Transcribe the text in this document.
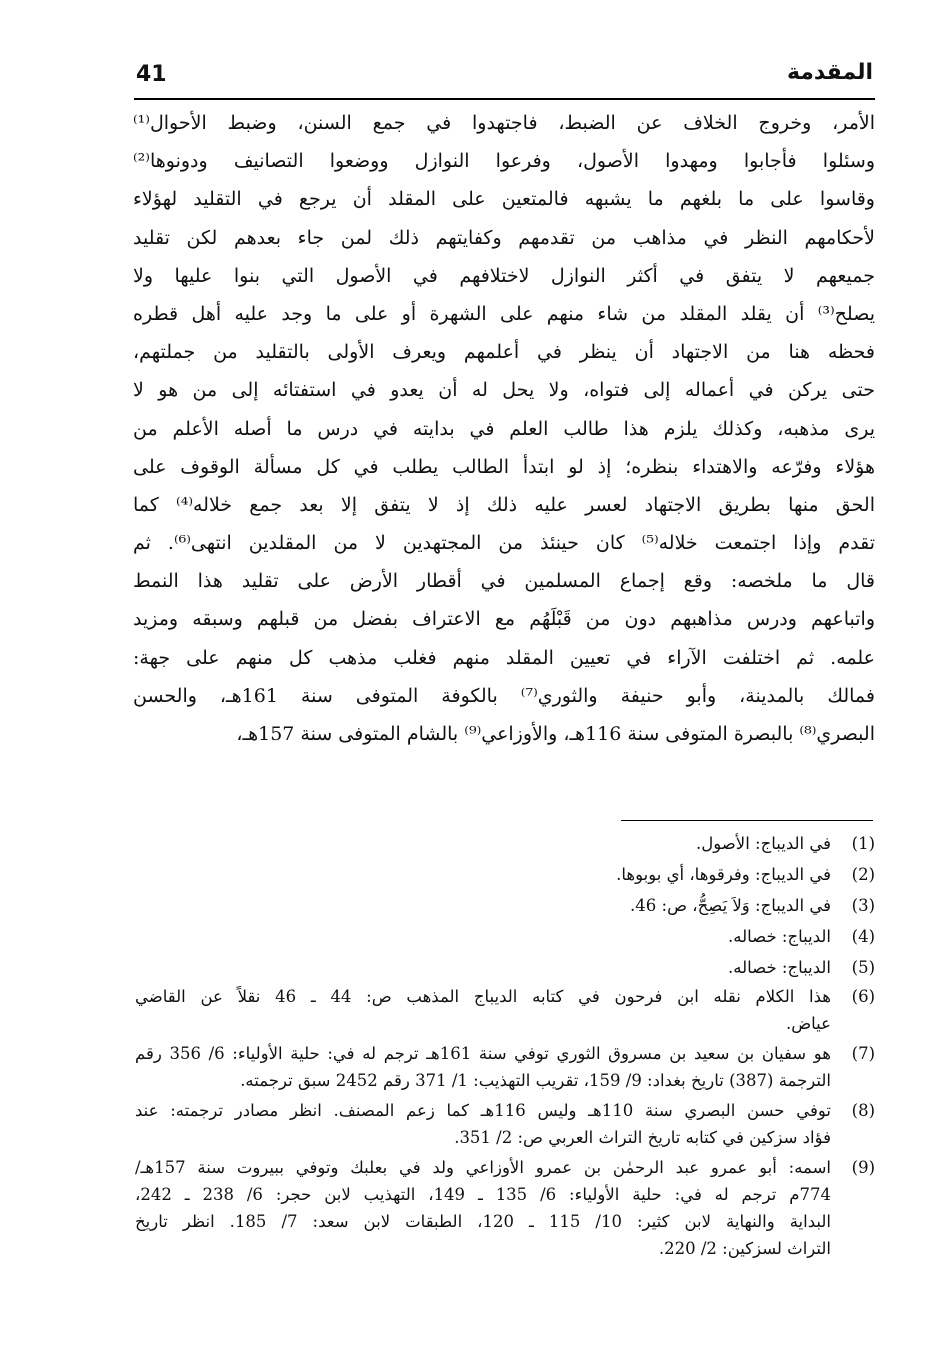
41	المقدمة
الأمر، وخروج الخلاف عن الضبط، فاجتهدوا في جمع السنن، وضبط الأحوال⁽¹⁾
وسئلوا فأجابوا ومهدوا الأصول، وفرعوا النوازل ووضعوا التصانيف ودونوها⁽²⁾
وقاسوا على ما بلغهم ما يشبهه فالمتعين على المقلد أن يرجع في التقليد لهؤلاء
لأحكامهم النظر في مذاهب من تقدمهم وكفايتهم ذلك لمن جاء بعدهم لكن تقليد
جميعهم لا يتفق في أكثر النوازل لاختلافهم في الأصول التي بنوا عليها ولا
يصلح⁽³⁾ أن يقلد المقلد من شاء منهم على الشهرة أو على ما وجد عليه أهل قطره
فحظه هنا من الاجتهاد أن ينظر في أعلمهم ويعرف الأولى بالتقليد من جملتهم،
حتى يركن في أعماله إلى فتواه، ولا يحل له أن يعدو في استفتائه إلى من هو لا
يرى مذهبه، وكذلك يلزم هذا طالب العلم في بدايته في درس ما أصله الأعلم من
هؤلاء وفرّعه والاهتداء بنظره؛ إذ لو ابتدأ الطالب يطلب في كل مسألة الوقوف على
الحق منها بطريق الاجتهاد لعسر عليه ذلك إذ لا يتفق إلا بعد جمع خلاله⁽⁴⁾ كما
تقدم وإذا اجتمعت خلاله⁽⁵⁾ كان حينئذ من المجتهدين لا من المقلدين انتهى⁽⁶⁾. ثم
قال ما ملخصه: وقع إجماع المسلمين في أقطار الأرض على تقليد هذا النمط
واتباعهم ودرس مذاهبهم دون من قَبْلَهُم مع الاعتراف بفضل من قبلهم وسبقه ومزيد
علمه. ثم اختلفت الآراء في تعيين المقلد منهم فغلب مذهب كل منهم على جهة:
فمالك بالمدينة، وأبو حنيفة والثوري⁽⁷⁾ بالكوفة المتوفى سنة 161هـ، والحسن
البصري⁽⁸⁾ بالبصرة المتوفى سنة 116هـ، والأوزاعي⁽⁹⁾ بالشام المتوفى سنة 157هـ،
(1)
في الديباج: الأصول.
(2)
في الديباج: وفرقوها، أي بوبوها.
(3)
في الديباج: وَلاَ يَصِحُّ، ص: 46.
(4)
الديباج: خصاله.
(5)
الديباج: خصاله.
(6)
هذا الكلام نقله ابن فرحون في كتابه الديباج المذهب ص: 44 ـ 46 نقلاً عن القاضي
عياض.
(7)
هو سفيان بن سعيد بن مسروق الثوري توفي سنة 161هـ ترجم له في: حلية الأولياء: 6/ 356 رقم
الترجمة (387) تاريخ بغداد: 9/ 159، تقريب التهذيب: 1/ 371 رقم 2452 سبق ترجمته.
(8)
توفي حسن البصري سنة 110هـ وليس 116هـ كما زعم المصنف. انظر مصادر ترجمته: عند
فؤاد سزكين في كتابه تاريخ التراث العربي ص: 2/ 351.
(9)
اسمه: أبو عمرو عبد الرحمٰن بن عمرو الأوزاعي ولد في بعلبك وتوفي ببيروت سنة 157هـ/
774م ترجم له في: حلية الأولياء: 6/ 135 ـ 149، التهذيب لابن حجر: 6/ 238 ـ 242،
البداية والنهاية لابن كثير: 10/ 115 ـ 120، الطبقات لابن سعد: 7/ 185. انظر تاريخ
التراث لسزكين: 2/ 220.
